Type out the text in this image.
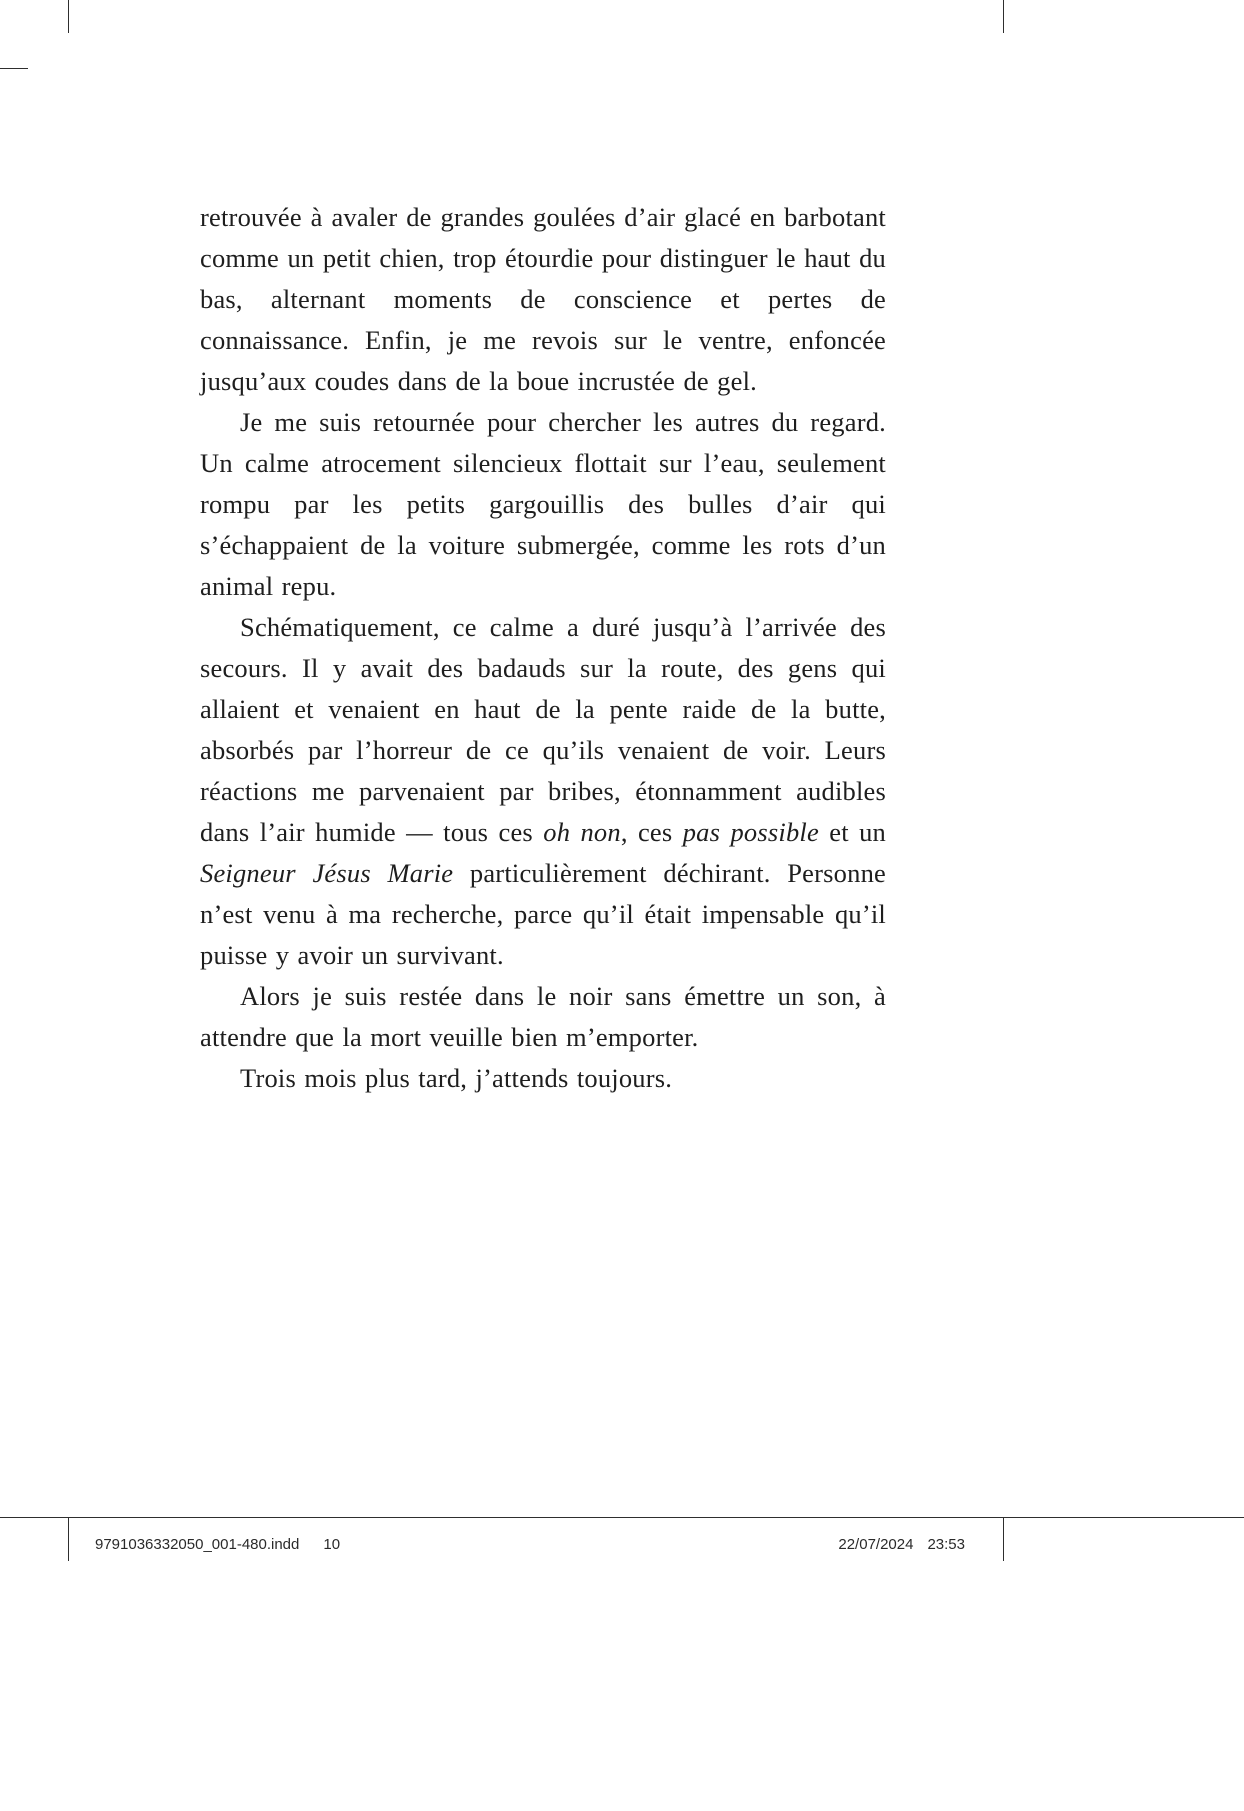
retrouvée à avaler de grandes goulées d’air glacé en barbotant comme un petit chien, trop étourdie pour distinguer le haut du bas, alternant moments de conscience et pertes de connaissance. Enfin, je me revois sur le ventre, enfoncée jusqu’aux coudes dans de la boue incrustée de gel.

Je me suis retournée pour chercher les autres du regard. Un calme atrocement silencieux flottait sur l’eau, seulement rompu par les petits gargouillis des bulles d’air qui s’échappaient de la voiture submergée, comme les rots d’un animal repu.

Schématiquement, ce calme a duré jusqu’à l’arrivée des secours. Il y avait des badauds sur la route, des gens qui allaient et venaient en haut de la pente raide de la butte, absorbés par l’horreur de ce qu’ils venaient de voir. Leurs réactions me parvenaient par bribes, étonnamment audibles dans l’air humide — tous ces oh non, ces pas possible et un Seigneur Jésus Marie particulièrement déchirant. Personne n’est venu à ma recherche, parce qu’il était impensable qu’il puisse y avoir un survivant.

Alors je suis restée dans le noir sans émettre un son, à attendre que la mort veuille bien m’emporter.

Trois mois plus tard, j’attends toujours.

9791036332050_001-480.indd 10	22/07/2024 23:53
